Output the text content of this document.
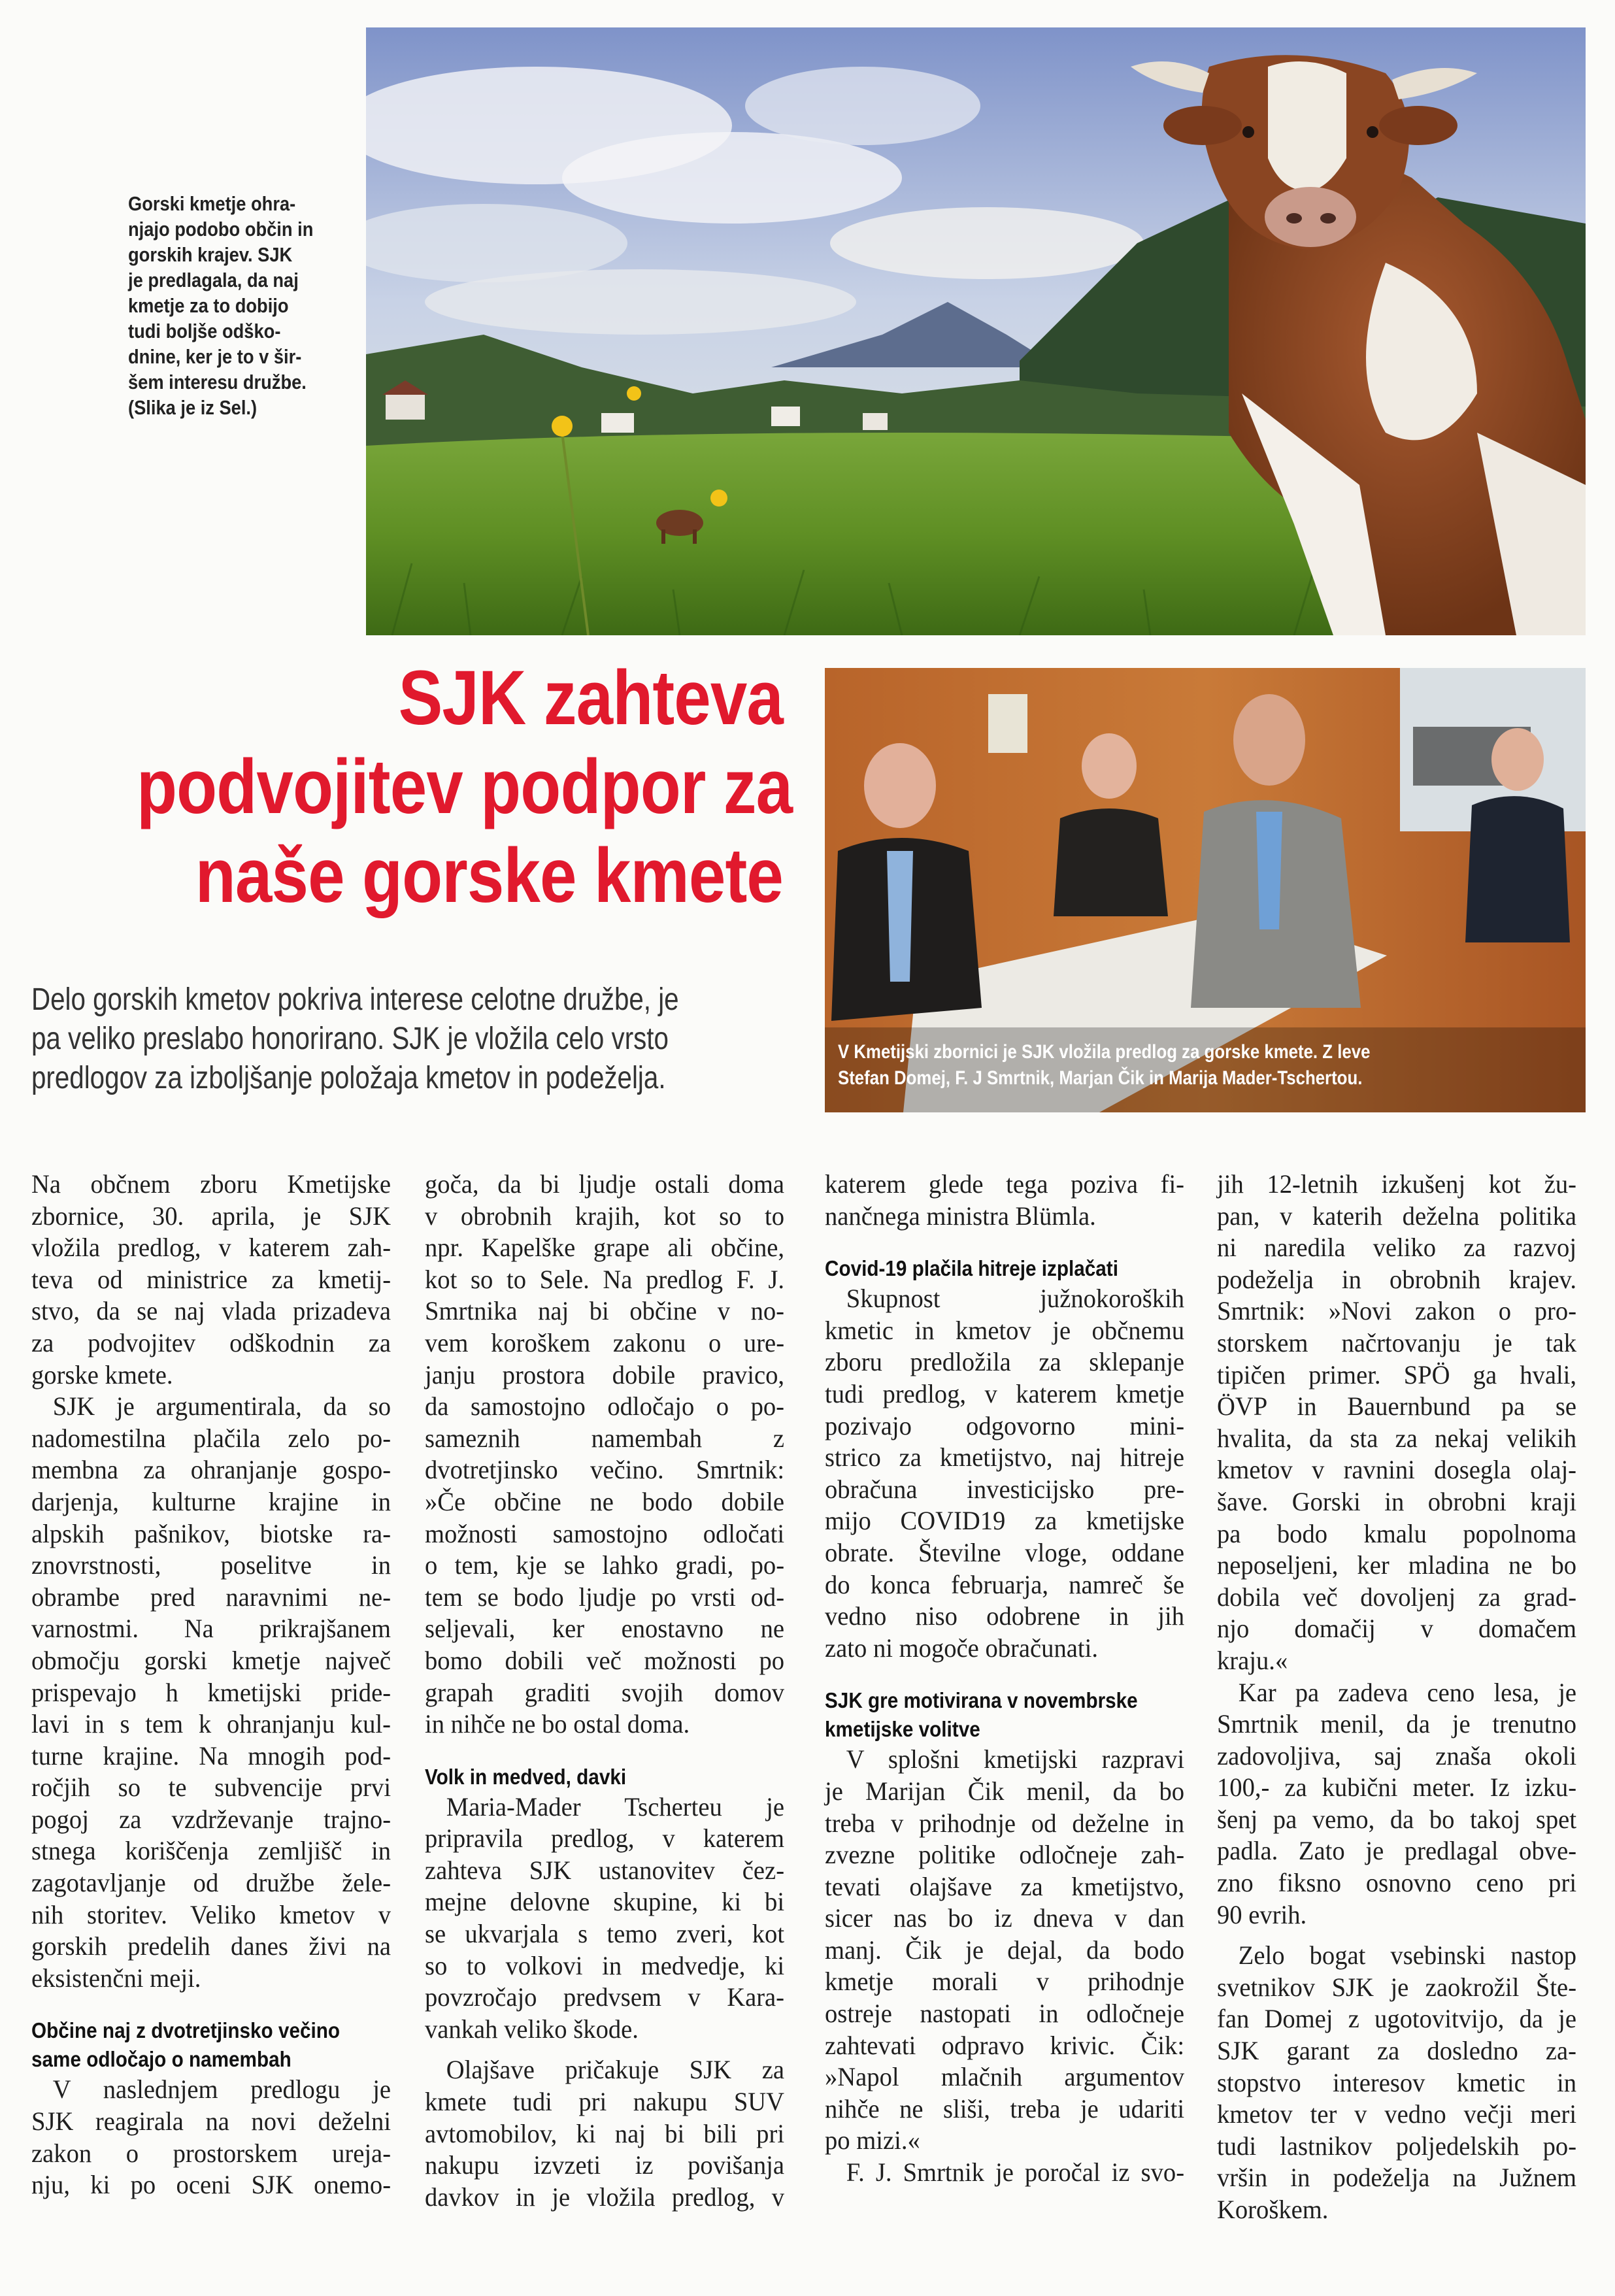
Gorski kmetje ohra-
njajo podobo občin in
gorskih krajev. SJK
je predlagala, da naj
kmetje za to dobijo
tudi boljše odško-
dnine, ker je to v šir-
šem interesu družbe.
(Slika je iz Sel.)
SJK zahteva
podvojitev podpor za
naše gorske kmete
Delo gorskih kmetov pokriva interese celotne družbe, je
pa veliko preslabo honorirano. SJK je vložila celo vrsto
predlogov za izboljšanje položaja kmetov in podeželja.
V Kmetijski zbornici je SJK vložila predlog za gorske kmete. Z leve
Stefan Domej, F. J Smrtnik, Marjan Čik in Marija Mader-Tschertou.
Na občnem zboru Kmetijske
zbornice, 30. aprila, je SJK
vložila predlog, v katerem zah-
teva od ministrice za kmetij-
stvo, da se naj vlada prizadeva
za podvojitev odškodnin za
gorske kmete.
SJK je argumentirala, da so
nadomestilna plačila zelo po-
membna za ohranjanje gospo-
darjenja, kulturne krajine in
alpskih pašnikov, biotske ra-
znovrstnosti, poselitve in
obrambe pred naravnimi ne-
varnostmi. Na prikrajšanem
območju gorski kmetje največ
prispevajo h kmetijski pride-
lavi in s tem k ohranjanju kul-
turne krajine. Na mnogih pod-
ročjih so te subvencije prvi
pogoj za vzdrževanje trajno-
stnega koriščenja zemljišč in
zagotavljanje od družbe žele-
nih storitev. Veliko kmetov v
gorskih predelih danes živi na
eksistenčni meji.
Občine naj z dvotretjinsko večino
same odločajo o namembah
V naslednjem predlogu je
SJK reagirala na novi deželni
zakon o prostorskem ureja-
nju, ki po oceni SJK onemo-
goča, da bi ljudje ostali doma
v obrobnih krajih, kot so to
npr. Kapelške grape ali občine,
kot so to Sele. Na predlog F. J.
Smrtnika naj bi občine v no-
vem koroškem zakonu o ure-
janju prostora dobile pravico,
da samostojno odločajo o po-
sameznih namembah z
dvotretjinsko večino. Smrtnik:
»Če občine ne bodo dobile
možnosti samostojno odločati
o tem, kje se lahko gradi, po-
tem se bodo ljudje po vrsti od-
seljevali, ker enostavno ne
bomo dobili več možnosti po
grapah graditi svojih domov
in nihče ne bo ostal doma.
Volk in medved, davki
Maria-Mader Tscherteu je
pripravila predlog, v katerem
zahteva SJK ustanovitev čez-
mejne delovne skupine, ki bi
se ukvarjala s temo zveri, kot
so to volkovi in medvedje, ki
povzročajo predvsem v Kara-
vankah veliko škode.
Olajšave pričakuje SJK za
kmete tudi pri nakupu SUV
avtomobilov, ki naj bi bili pri
nakupu izvzeti iz povišanja
davkov in je vložila predlog, v
katerem glede tega poziva fi-
nančnega ministra Blümla.
Covid-19 plačila hitreje izplačati
Skupnost južnokoroških
kmetic in kmetov je občnemu
zboru predložila za sklepanje
tudi predlog, v katerem kmetje
pozivajo odgovorno mini-
strico za kmetijstvo, naj hitreje
obračuna investicijsko pre-
mijo COVID19 za kmetijske
obrate. Številne vloge, oddane
do konca februarja, namreč še
vedno niso odobrene in jih
zato ni mogoče obračunati.
SJK gre motivirana v novembrske
kmetijske volitve
V splošni kmetijski razpravi
je Marijan Čik menil, da bo
treba v prihodnje od deželne in
zvezne politike odločneje zah-
tevati olajšave za kmetijstvo,
sicer nas bo iz dneva v dan
manj. Čik je dejal, da bodo
kmetje morali v prihodnje
ostreje nastopati in odločneje
zahtevati odpravo krivic. Čik:
»Napol mlačnih argumentov
nihče ne sliši, treba je udariti
po mizi.«
F. J. Smrtnik je poročal iz svo-
jih 12-letnih izkušenj kot žu-
pan, v katerih deželna politika
ni naredila veliko za razvoj
podeželja in obrobnih krajev.
Smrtnik: »Novi zakon o pro-
storskem načrtovanju je tak
tipičen primer. SPÖ ga hvali,
ÖVP in Bauernbund pa se
hvalita, da sta za nekaj velikih
kmetov v ravnini dosegla olaj-
šave. Gorski in obrobni kraji
pa bodo kmalu popolnoma
neposeljeni, ker mladina ne bo
dobila več dovoljenj za grad-
njo domačij v domačem
kraju.«
Kar pa zadeva ceno lesa, je
Smrtnik menil, da je trenutno
zadovoljiva, saj znaša okoli
100,- za kubični meter. Iz izku-
šenj pa vemo, da bo takoj spet
padla. Zato je predlagal obve-
zno fiksno osnovno ceno pri
90 evrih.
Zelo bogat vsebinski nastop
svetnikov SJK je zaokrožil Šte-
fan Domej z ugotovitvijo, da je
SJK garant za dosledno za-
stopstvo interesov kmetic in
kmetov ter v vedno večji meri
tudi lastnikov poljedelskih po-
vršin in podeželja na Južnem
Koroškem.
